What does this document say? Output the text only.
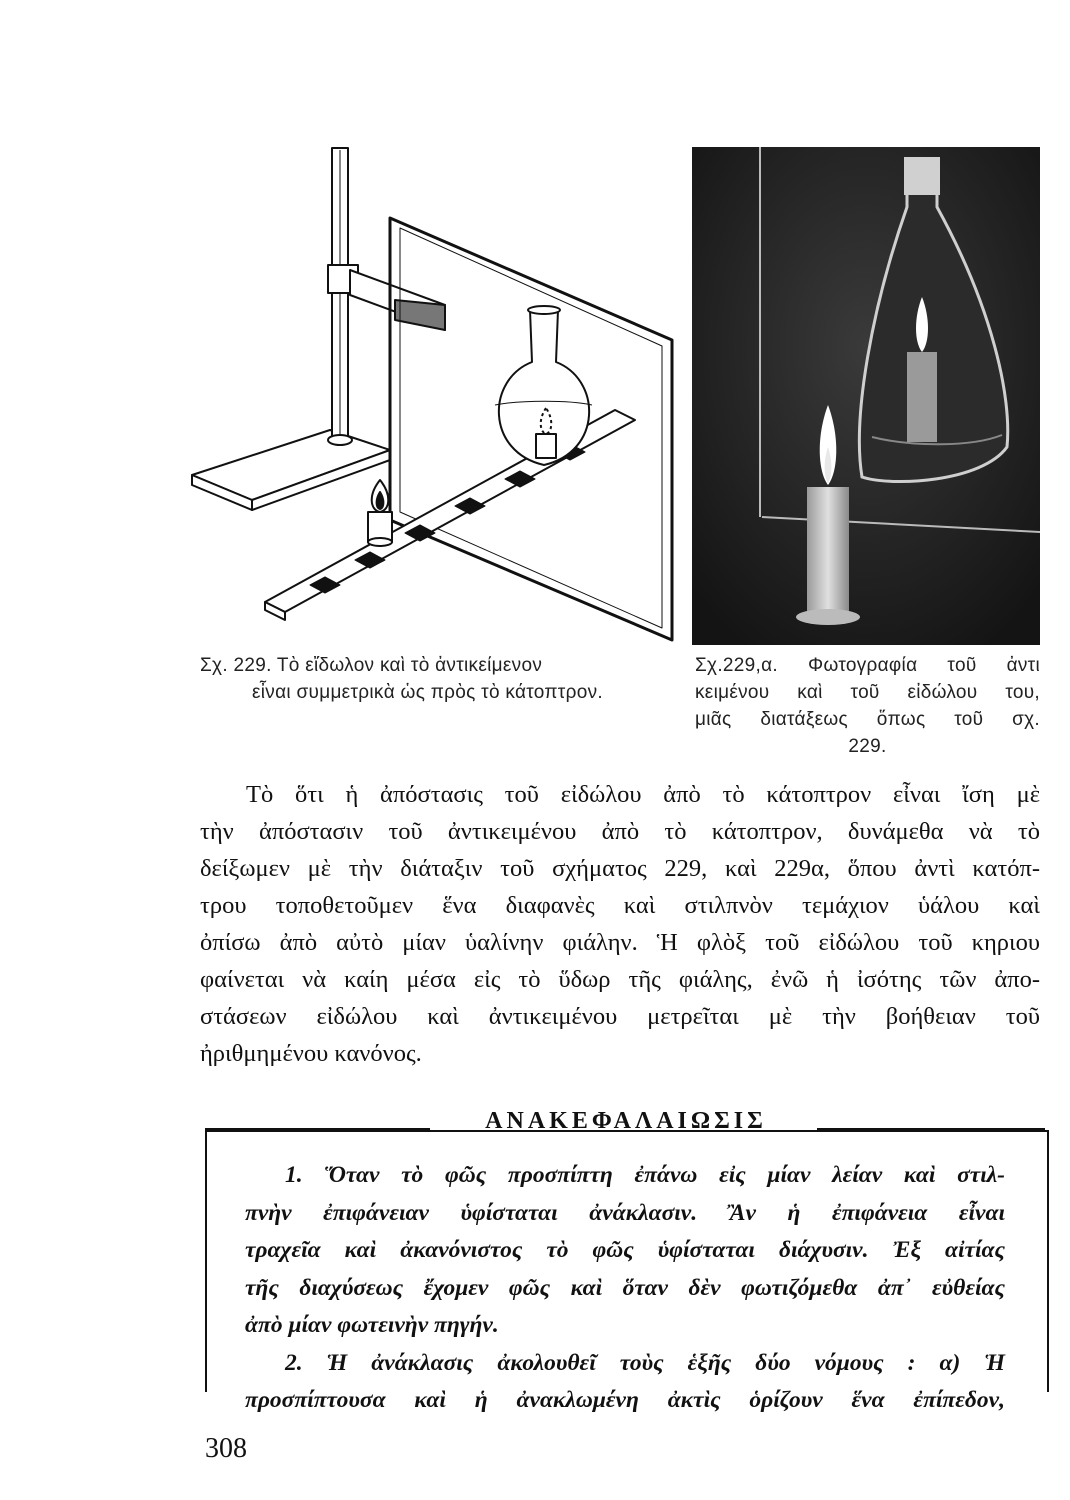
Σχ. 229. Τὸ εἴδωλον καὶ τὸ ἀντικείμενον
εἶναι συμμετρικὰ ὡς πρὸς τὸ κάτοπτρον.
Σχ.229,α. Φωτογραφία τοῦ ἀντι
κειμένου καὶ τοῦ εἰδώλου του,
μιᾶς διατάξεως ὅπως τοῦ σχ.
229.
Τὸ ὅτι ἡ ἀπόστασις τοῦ εἰδώλου ἀπὸ τὸ κάτοπτρον εἶναι ἴση μὲ
τὴν ἀπόστασιν τοῦ ἀντικειμένου ἀπὸ τὸ κάτοπτρον, δυνάμεθα νὰ τὸ
δείξωμεν μὲ τὴν διάταξιν τοῦ σχήματος 229, καὶ 229α, ὅπου ἀντὶ κατόπ-
τρου τοποθετοῦμεν ἕνα διαφανὲς καὶ στιλπνὸν τεμάχιον ὑάλου καὶ
ὀπίσω ἀπὸ αὐτὸ μίαν ὑαλίνην φιάλην. Ἡ φλὸξ τοῦ εἰδώλου τοῦ κηριου
φαίνεται νὰ καίη μέσα εἰς τὸ ὕδωρ τῆς φιάλης, ἐνῶ ἡ ἰσότης τῶν ἀπο-
στάσεων εἰδώλου καὶ ἀντικειμένου μετρεῖται μὲ τὴν βοήθειαν τοῦ
ἠριθμημένου κανόνος.
ΑΝΑΚΕΦΑΛΑΙΩΣΙΣ
1. Ὅταν τὸ φῶς προσπίπτη ἐπάνω εἰς μίαν λείαν καὶ στιλ-
πνὴν ἐπιφάνειαν ὑφίσταται ἀνάκλασιν. Ἂν ἡ ἐπιφάνεια εἶναι
τραχεῖα καὶ ἀκανόνιστος τὸ φῶς ὑφίσταται διάχυσιν. Ἐξ αἰτίας
τῆς διαχύσεως ἔχομεν φῶς καὶ ὅταν δὲν φωτιζόμεθα ἀπ᾽ εὐθείας
ἀπὸ μίαν φωτεινὴν πηγήν.
2. Ἡ ἀνάκλασις ἀκολουθεῖ τοὺς ἑξῆς δύο νόμους : α) Ἡ
προσπίπτουσα καὶ ἡ ἀνακλωμένη ἀκτὶς ὁρίζουν ἕνα ἐπίπεδον,
308
